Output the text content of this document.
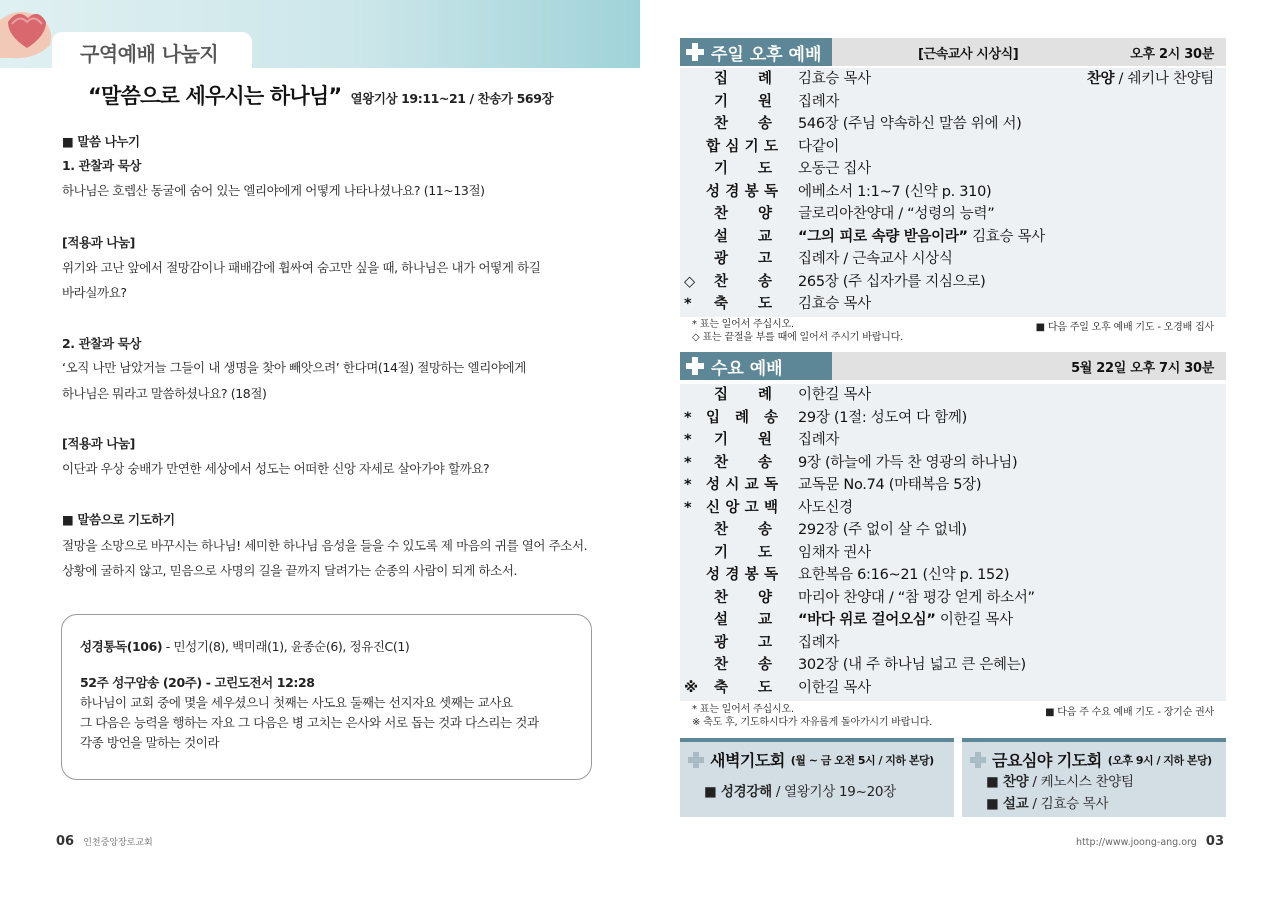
구역예배 나눔지
“말씀으로 세우시는 하나님” 열왕기상 19:11~21 / 찬송가 569장

■ 말씀 나누기

1. 관찰과 묵상

하나님은 호렙산 동굴에 숨어 있는 엘리야에게 어떻게 나타나셨나요? (11~13절)

[적용과 나눔]

위기와 고난 앞에서 절망감이나 패배감에 휩싸여 숨고만 싶을 때, 하나님은 내가 어떻게 하길

바라실까요?

2. 관찰과 묵상

‘오직 나만 남았거늘 그들이 내 생명을 찾아 빼앗으려’ 한다며(14절) 절망하는 엘리야에게

하나님은 뭐라고 말씀하셨나요? (18절)

[적용과 나눔]

이단과 우상 숭배가 만연한 세상에서 성도는 어떠한 신앙 자세로 살아가야 할까요?

■ 말씀으로 기도하기

절망을 소망으로 바꾸시는 하나님! 세미한 하나님 음성을 들을 수 있도록 제 마음의 귀를 열어 주소서.

상황에 굴하지 않고, 믿음으로 사명의 길을 끝까지 달려가는 순종의 사람이 되게 하소서.

성경통독(106) - 민성기(8), 백미래(1), 윤종순(6), 정유진C(1)

52주 성구암송 (20주) - 고린도전서 12:28

하나님이 교회 중에 몇을 세우셨으니 첫째는 사도요 둘째는 선지자요 셋째는 교사요

그 다음은 능력을 행하는 자요 그 다음은 병 고치는 은사와 서로 돕는 것과 다스리는 것과

각종 방언을 말하는 것이라

06 인천중앙장로교회
주일 오후 예배	[근속교사 시상식]	오후 2시 30분
집 례 김효승 목사	찬양 / 쉐키나 찬양팀
기 원 집례자
찬 송 546장 (주님 약속하신 말씀 위에 서)
합 심 기 도 다같이
기 도 오동근 집사
성 경 봉 독 에베소서 1:1~7 (신약 p. 310)
찬 양 글로리아찬양대 / “성령의 능력”
설 교 “그의 피로 속량 받음이라” 김효승 목사
광 고 집례자 / 근속교사 시상식
◇ 찬 송 265장 (주 십자가를 지심으로)
* 축 도 김효승 목사

* 표는 일어서 주십시오.

◇ 표는 끝절을 부를 때에 일어서 주시기 바랍니다.

■ 다음 주일 오후 예배 기도 - 오경배 집사
수요 예배	5월 22일 오후 7시 30분
집 례 이한길 목사
* 입 례 송 29장 (1절: 성도여 다 함께)
* 기 원 집례자
* 찬 송 9장 (하늘에 가득 찬 영광의 하나님)
* 성 시 교 독 교독문 No.74 (마태복음 5장)
* 신 앙 고 백 사도신경
찬 송 292장 (주 없이 살 수 없네)
기 도 임채자 권사
성 경 봉 독 요한복음 6:16~21 (신약 p. 152)
찬 양 마리아 찬양대 / “참 평강 얻게 하소서”
설 교 “바다 위로 걸어오심” 이한길 목사
광 고 집례자
찬 송 302장 (내 주 하나님 넓고 큰 은혜는)
※ 축 도 이한길 목사

* 표는 일어서 주십시오.

※ 축도 후, 기도하시다가 자유롭게 돌아가시기 바랍니다.

■ 다음 주 수요 예배 기도 - 장기순 권사
새벽기도회 (월 ~ 금 오전 5시 / 지하 본당)
■ 성경강해 / 열왕기상 19~20장
금요심야 기도회 (오후 9시 / 지하 본당)
■ 찬양 / 케노시스 찬양팀
■ 설교 / 김효승 목사
http://www.joong-ang.org 03
